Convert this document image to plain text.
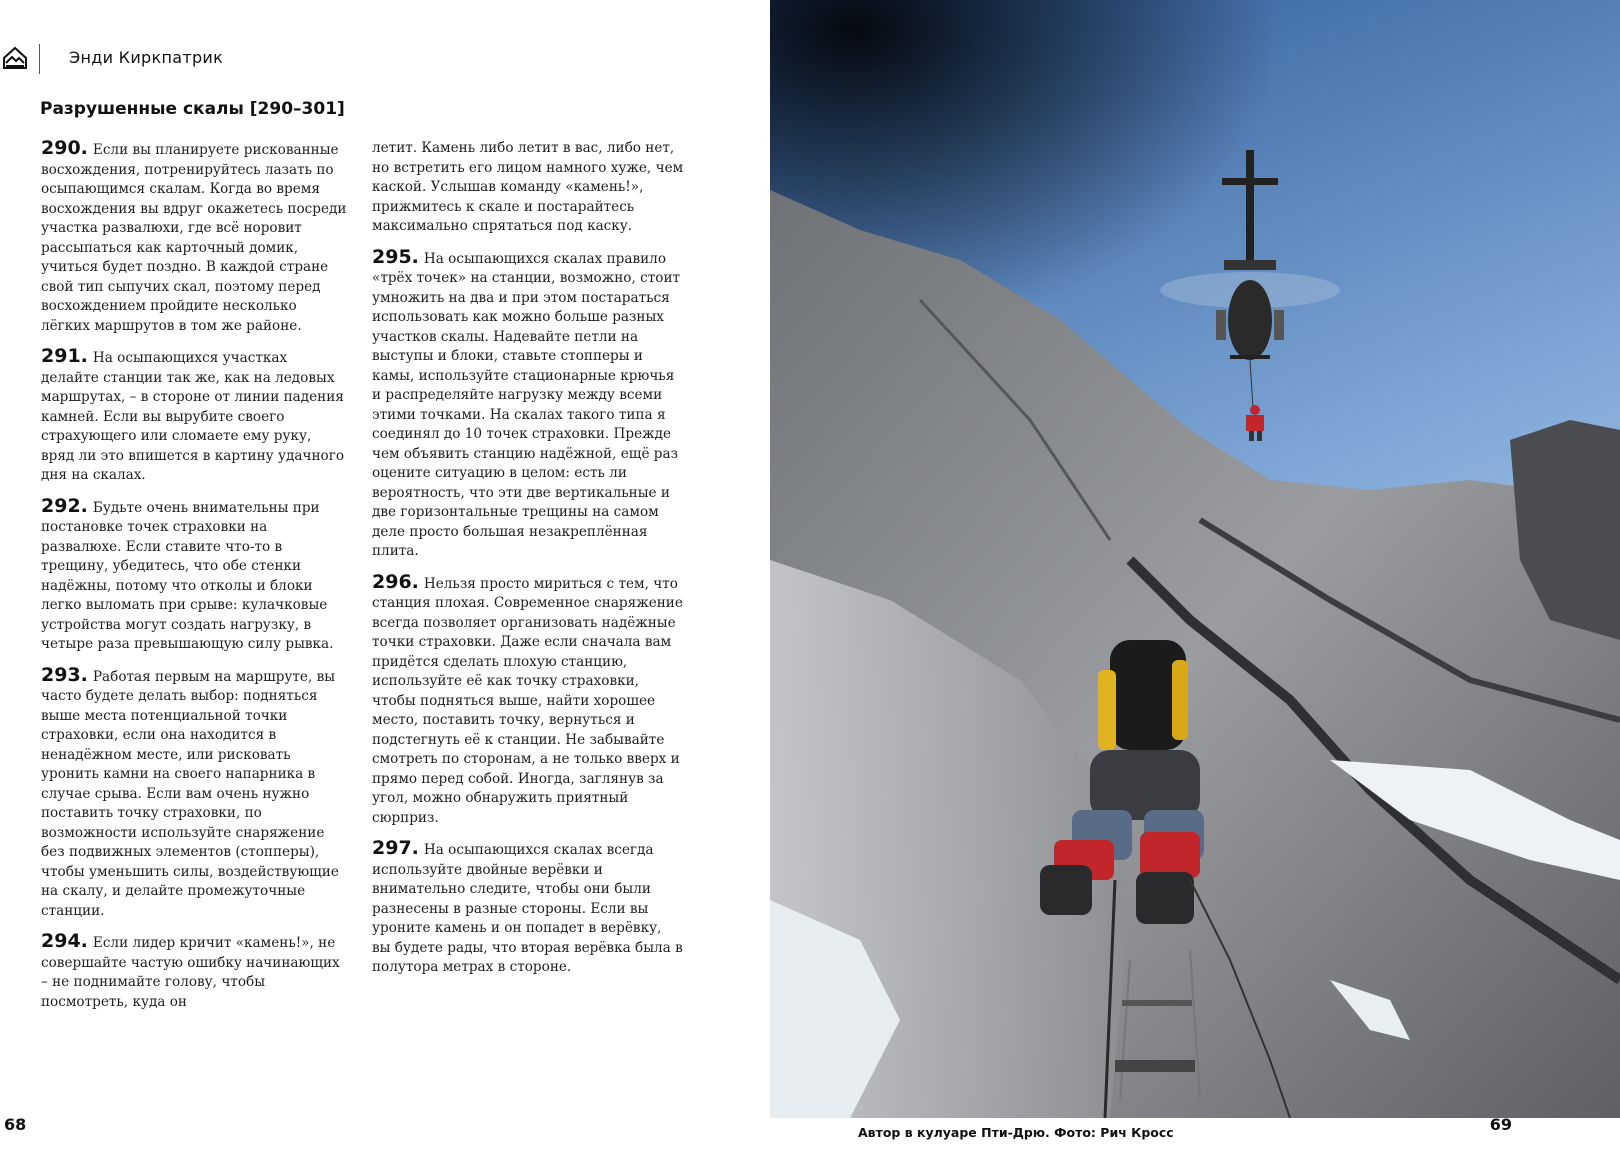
Энди Киркпатрик
Разрушенные скалы [290–301]

290. Если вы планируете рискованные восхождения, потренируйтесь лазать по осыпающимся скалам. Когда во время восхождения вы вдруг окажетесь посреди участка развалюхи, где всё норовит рассыпаться как карточный домик, учиться будет поздно. В каждой стране свой тип сыпучих скал, поэтому перед восхождением пройдите несколько лёгких маршрутов в том же районе.

291. На осыпающихся участках делайте станции так же, как на ледовых маршрутах, – в стороне от линии падения камней. Если вы вырубите своего страхующего или сломаете ему руку, вряд ли это впишется в картину удачного дня на скалах.

292. Будьте очень внимательны при постановке точек страховки на развалюхе. Если ставите что-то в трещину, убедитесь, что обе стенки надёжны, потому что отколы и блоки легко выломать при срыве: кулачковые устройства могут создать нагрузку, в четыре раза превышающую силу рывка.

293. Работая первым на маршруте, вы часто будете делать выбор: подняться выше места потенциальной точки страховки, если она находится в ненадёжном месте, или рисковать уронить камни на своего напарника в случае срыва. Если вам очень нужно поставить точку страховки, по возможности используйте снаряжение без подвижных элементов (стопперы), чтобы уменьшить силы, воздействующие на скалу, и делайте промежуточные станции.

294. Если лидер кричит «камень!», не совершайте частую ошибку начинающих – не поднимайте голову, чтобы посмотреть, куда он

летит. Камень либо летит в вас, либо нет, но встретить его лицом намного хуже, чем каской. Услышав команду «камень!», прижмитесь к скале и постарайтесь максимально спрятаться под каску.

295. На осыпающихся скалах правило «трёх точек» на станции, возможно, стоит умножить на два и при этом постараться использовать как можно больше разных участков скалы. Надевайте петли на выступы и блоки, ставьте стопперы и камы, используйте стационарные крючья и распределяйте нагрузку между всеми этими точками. На скалах такого типа я соединял до 10 точек страховки. Прежде чем объявить станцию надёжной, ещё раз оцените ситуацию в целом: есть ли вероятность, что эти две вертикальные и две горизонтальные трещины на самом деле просто большая незакреплённая плита.

296. Нельзя просто мириться с тем, что станция плохая. Современное снаряжение всегда позволяет организовать надёжные точки страховки. Даже если сначала вам придётся сделать плохую станцию, используйте её как точку страховки, чтобы подняться выше, найти хорошее место, поставить точку, вернуться и подстегнуть её к станции. Не забывайте смотреть по сторонам, а не только вверх и прямо перед собой. Иногда, заглянув за угол, можно обнаружить приятный сюрприз.

297. На осыпающихся скалах всегда используйте двойные верёвки и внимательно следите, чтобы они были разнесены в разные стороны. Если вы уроните камень и он попадет в верёвку, вы будете рады, что вторая верёвка была в полутора метрах в стороне.

68	Автор в кулуаре Пти-Дрю. Фото: Рич Кросс	69
